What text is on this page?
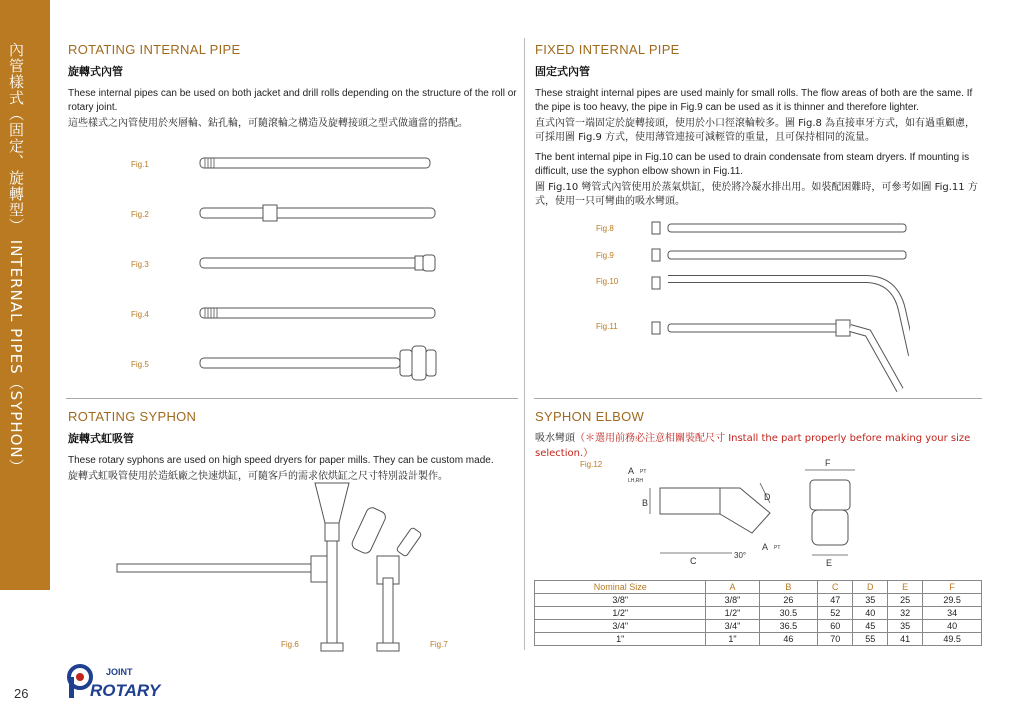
內管樣式（固定、旋轉型） INTERNAL PIPES（SYPHON）
26
JOINT
ROTARY
ROTATING INTERNAL PIPE
旋轉式內管

These internal pipes can be used on both jacket and drill rolls depending on the structure of the roll or rotary joint.

這些樣式之內管使用於夾層輪、鉆孔輪，可隨滾輪之構造及旋轉接頭之型式做適當的搭配。

Fig.1
Fig.2
Fig.3
Fig.4
Fig.5
FIXED INTERNAL PIPE
固定式內管

These straight internal pipes are used mainly for small rolls. The flow areas of both are the same. If the pipe is too heavy, the pipe in Fig.9 can be used as it is thinner and therefore lighter.

直式內管一端固定於旋轉接頭，使用於小口徑滾輪較多。圖 Fig.8 為直接車牙方式，如有過重顧慮，可採用圖 Fig.9 方式，使用薄管連接可減輕管的重量，且可保持相同的流量。

The bent internal pipe in Fig.10 can be used to drain condensate from steam dryers. If mounting is difficult, use the syphon elbow shown in Fig.11.

圖 Fig.10 彎管式內管使用於蒸氣烘缸，使於將冷凝水排出用。如裝配困難時，可參考如圖 Fig.11 方式，使用一只可彎曲的吸水彎頭。

Fig.8
Fig.9
Fig.10
Fig.11
ROTATING SYPHON
旋轉式虹吸管

These rotary syphons are used on high speed dryers for paper mills. They can be custom made.

旋轉式虹吸管使用於造紙廠之快速烘缸，可隨客戶的需求依烘缸之尺寸特別設計製作。

Fig.6	Fig.7
SYPHON ELBOW
吸水彎頭（＊選用前務必注意相關裝配尺寸 Install the part properly before making your size selection.）
Fig.12
A PT
LH,RH
B
C
D
30°
A PT
F
E
Nominal Size	A	B	C	D	E	F
3/8"	3/8"	26	47	35	25	29.5
1/2"	1/2"	30.5	52	40	32	34
3/4"	3/4"	36.5	60	45	35	40
1"	1"	46	70	55	41	49.5
